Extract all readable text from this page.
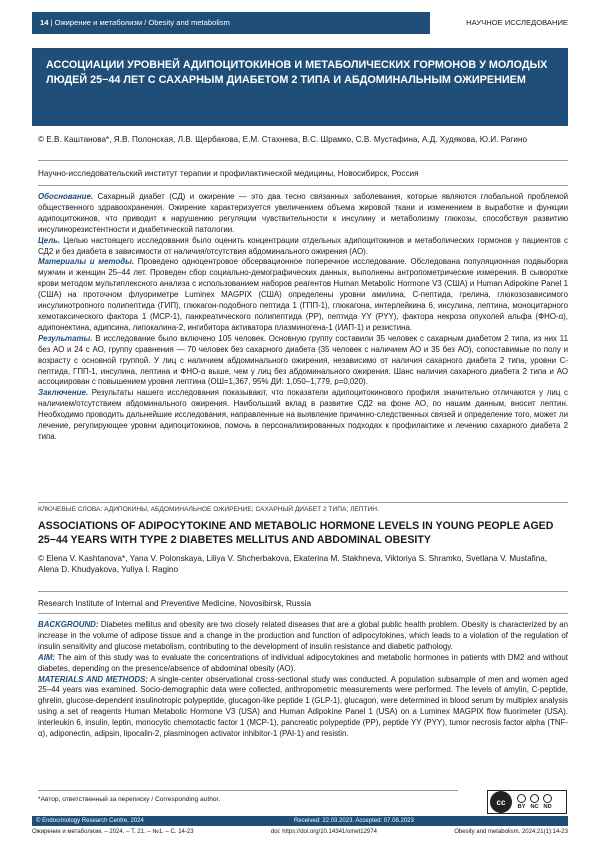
14 | Ожирение и метаболизм / Obesity and metabolism	НАУЧНОЕ ИССЛЕДОВАНИЕ
АССОЦИАЦИИ УРОВНЕЙ АДИПОЦИТОКИНОВ И МЕТАБОЛИЧЕСКИХ ГОРМОНОВ У МОЛОДЫХ ЛЮДЕЙ 25−44 ЛЕТ С САХАРНЫМ ДИАБЕТОМ 2 ТИПА И АБДОМИНАЛЬНЫМ ОЖИРЕНИЕМ
© Е.В. Каштанова*, Я.В. Полонская, Л.В. Щербакова, Е.М. Стахнева, В.С. Шрамко, С.В. Мустафина, А.Д. Худякова, Ю.И. Рагино
Научно-исследовательский институт терапии и профилактической медицины, Новосибирск, Россия

Обоснование. Сахарный диабет (СД) и ожирение — это два тесно связанных заболевания, которые являются глобальной проблемой общественного здравоохранения. Ожирение характеризуется увеличением объема жировой ткани и изменением в выработке и функции адипоцитокинов, что приводит к нарушению регуляции чувствительности к инсулину и метаболизму глюкозы, способствуя развитию инсулинорезистентности и диабетической патологии.

Цель. Целью настоящего исследования было оценить концентрации отдельных адипоцитокинов и метаболических гормонов у пациентов с СД2 и без диабета в зависимости от наличия/отсутствия абдоминального ожирения (АО).

Материалы и методы. Проведено одноцентровое обсервационное поперечное исследование. Обследована популяционная подвыборка мужчин и женщин 25–44 лет. Проведен сбор социально-демографических данных, выполнены антропометрические измерения. В сыворотке крови методом мультиплексного анализа с использованием наборов реагентов Human Metabolic Hormone V3 (США) и Human Adipokine Panel 1 (США) на проточном флуориметре Luminex MAGPIX (США) определены уровни амилина, С-пептида, грелина, глюкозозависимого инсулинотропного полипептида (ГИП), глюкагон-подобного пептида 1 (ГПП-1), глюкагона, интерлейкина 6, инсулина, лептина, моноцитарного хемотаксического фактора 1 (MCP-1), панкреатического полипептида (PP), пептида YY (PYY), фактора некроза опухолей альфа (ФНО-α), адипонектина, адипсина, липокалина-2, ингибитора активатора плазминогена-1 (ИАП-1) и резистина.

Результаты. В исследование было включено 105 человек. Основную группу составили 35 человек с сахарным диабетом 2 типа, из них 11 без АО и 24 с АО, группу сравнения — 70 человек без сахарного диабета (35 человек с наличием АО и 35 без АО), сопоставимые по полу и возрасту с основной группой. У лиц с наличием абдоминального ожирения, независимо от наличия сахарного диабета 2 типа, уровни С-пептида, ГПП-1, инсулина, лептина и ФНО-α выше, чем у лиц без абдоминального ожирения. Шанс наличия сахарного диабета 2 типа и АО ассоциирован с повышением уровня лептина (ОШ=1,367, 95% ДИ: 1,050–1,779, p=0,020).

Заключение. Результаты нашего исследования показывают, что показатели адипоцитокинового профиля значительно отличаются у лиц с наличием/отсутствием абдоминального ожирения. Наибольший вклад в развитие СД2 на фоне АО, по нашим данным, вносит лептин. Необходимо проводить дальнейшие исследования, направленные на выявление причинно-следственных связей и определение того, может ли лечение, регулирующее уровни адипоцитокинов, помочь в персонализированных подходах к профилактике и лечению сахарного диабета 2 типа.

КЛЮЧЕВЫЕ СЛОВА: АДИПОКИНЫ, АБДОМИНАЛЬНОЕ ОЖИРЕНИЕ; САХАРНЫЙ ДИАБЕТ 2 ТИПА; ЛЕПТИН.
ASSOCIATIONS OF ADIPOCYTOKINE AND METABOLIC HORMONE LEVELS IN YOUNG PEOPLE AGED 25−44 YEARS WITH TYPE 2 DIABETES MELLITUS AND ABDOMINAL OBESITY
© Elena V. Kashtanova*, Yana V. Polonskaya, Liliya V. Shcherbakova, Ekaterina M. Stakhneva, Viktoriya S. Shramko, Svetlana V. Mustafina, Alena D. Khudyakova, Yuliya I. Ragino
Research Institute of Internal and Preventive Medicine, Novosibirsk, Russia

BACKGROUND: Diabetes mellitus and obesity are two closely related diseases that are a global public health problem. Obesity is characterized by an increase in the volume of adipose tissue and a change in the production and function of adipocytokines, which leads to a violation of the regulation of insulin sensitivity and glucose metabolism, contributing to the development of insulin resistance and diabetic pathology.

AIM: The aim of this study was to evaluate the concentrations of individual adipocytokines and metabolic hormones in patients with DM2 and without diabetes, depending on the presence/absence of abdominal obesity (AO).

MATERIALS AND METHODS: A single-center observational cross-sectional study was conducted. A population subsample of men and women aged 25–44 years was examined. Socio-demographic data were collected, anthropometric measurements were performed. The levels of amylin, C-peptide, ghrelin, glucose-dependent insulinotropic polypeptide, glucagon-like peptide 1 (GLP-1), glucagon, were determined in blood serum by multiplex analysis using a set of reagents Human Metabolic Hormone V3 (USA) and Human Adipokine Panel 1 (USA) on a Luminex MAGPIX flow fluorimeter (USA). interleukin 6, insulin, leptin, monocytic chemotactic factor 1 (MCP-1), pancreatic polypeptide (PP), peptide YY (PYY), tumor necrosis factor alpha (TNF-α), adiponectin, adipsin, lipocalin-2, plasminogen activator inhibitor-1 (PAI-1) and resistin.

*Автор, ответственный за переписку / Corresponding author.	cc
BY NC ND
© Endocrinology Research Centre, 2024	Received: 22.03.2023. Accepted: 07.08.2023
Ожирение и метаболизм. – 2024. – Т. 21. – №1. – С. 14-23	doi: https://doi.org/10.14341/omet12974	Obesity and metabolism. 2024;21(1):14-23
